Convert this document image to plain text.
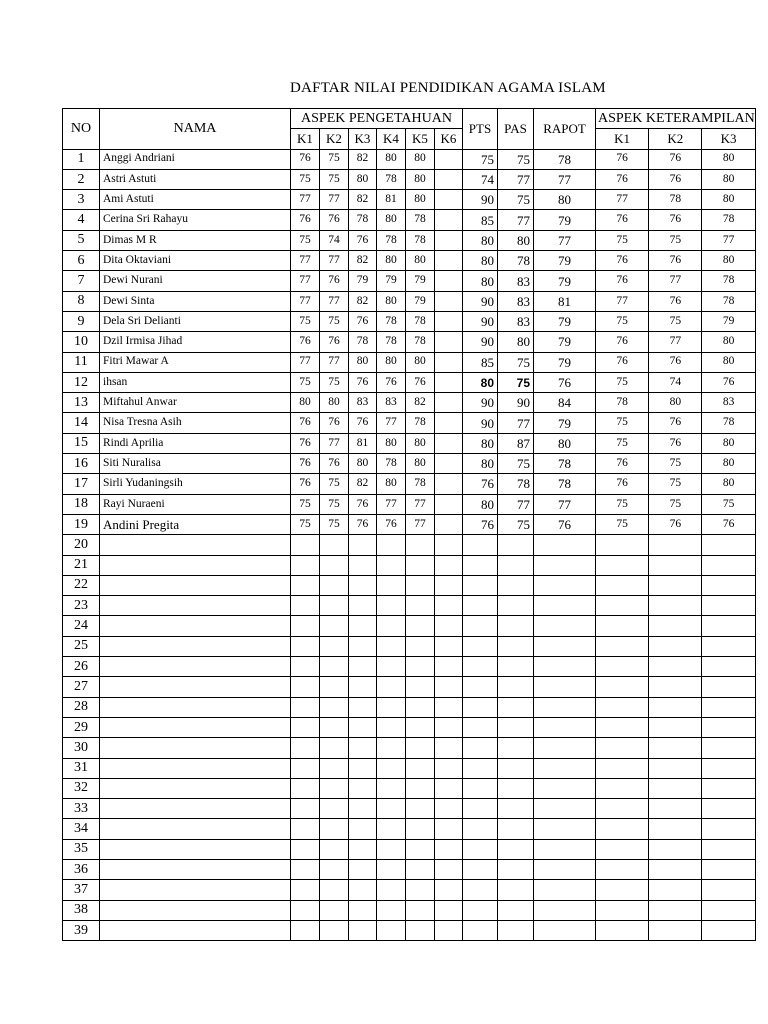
DAFTAR NILAI PENDIDIKAN AGAMA ISLAM
NO	NAMA	ASPEK PENGETAHUAN						PTS	PAS	RAPOT	ASPEK KETERAMPILAN		
		K1	K2	K3	K4	K5	K6				K1	K2	K3
1	Anggi Andriani	76	75	82	80	80		75	75	78	76	76	80
2	Astri Astuti	75	75	80	78	80		74	77	77	76	76	80
3	Ami Astuti	77	77	82	81	80		90	75	80	77	78	80
4	Cerina Sri Rahayu	76	76	78	80	78		85	77	79	76	76	78
5	Dimas M R	75	74	76	78	78		80	80	77	75	75	77
6	Dita Oktaviani	77	77	82	80	80		80	78	79	76	76	80
7	Dewi Nurani	77	76	79	79	79		80	83	79	76	77	78
8	Dewi Sinta	77	77	82	80	79		90	83	81	77	76	78
9	Dela Sri Delianti	75	75	76	78	78		90	83	79	75	75	79
10	Dzil Irmisa Jihad	76	76	78	78	78		90	80	79	76	77	80
11	Fitri Mawar A	77	77	80	80	80		85	75	79	76	76	80
12	ihsan	75	75	76	76	76		80	75	76	75	74	76
13	Miftahul Anwar	80	80	83	83	82		90	90	84	78	80	83
14	Nisa Tresna Asih	76	76	76	77	78		90	77	79	75	76	78
15	Rindi Aprilia	76	77	81	80	80		80	87	80	75	76	80
16	Siti Nuralisa	76	76	80	78	80		80	75	78	76	75	80
17	Sirli Yudaningsih	76	75	82	80	78		76	78	78	76	75	80
18	Rayi Nuraeni	75	75	76	77	77		80	77	77	75	75	75
19	Andini Pregita	75	75	76	76	77		76	75	76	75	76	76
20													
21													
22													
23													
24													
25													
26													
27													
28													
29													
30													
31													
32													
33													
34													
35													
36													
37													
38													
39													
